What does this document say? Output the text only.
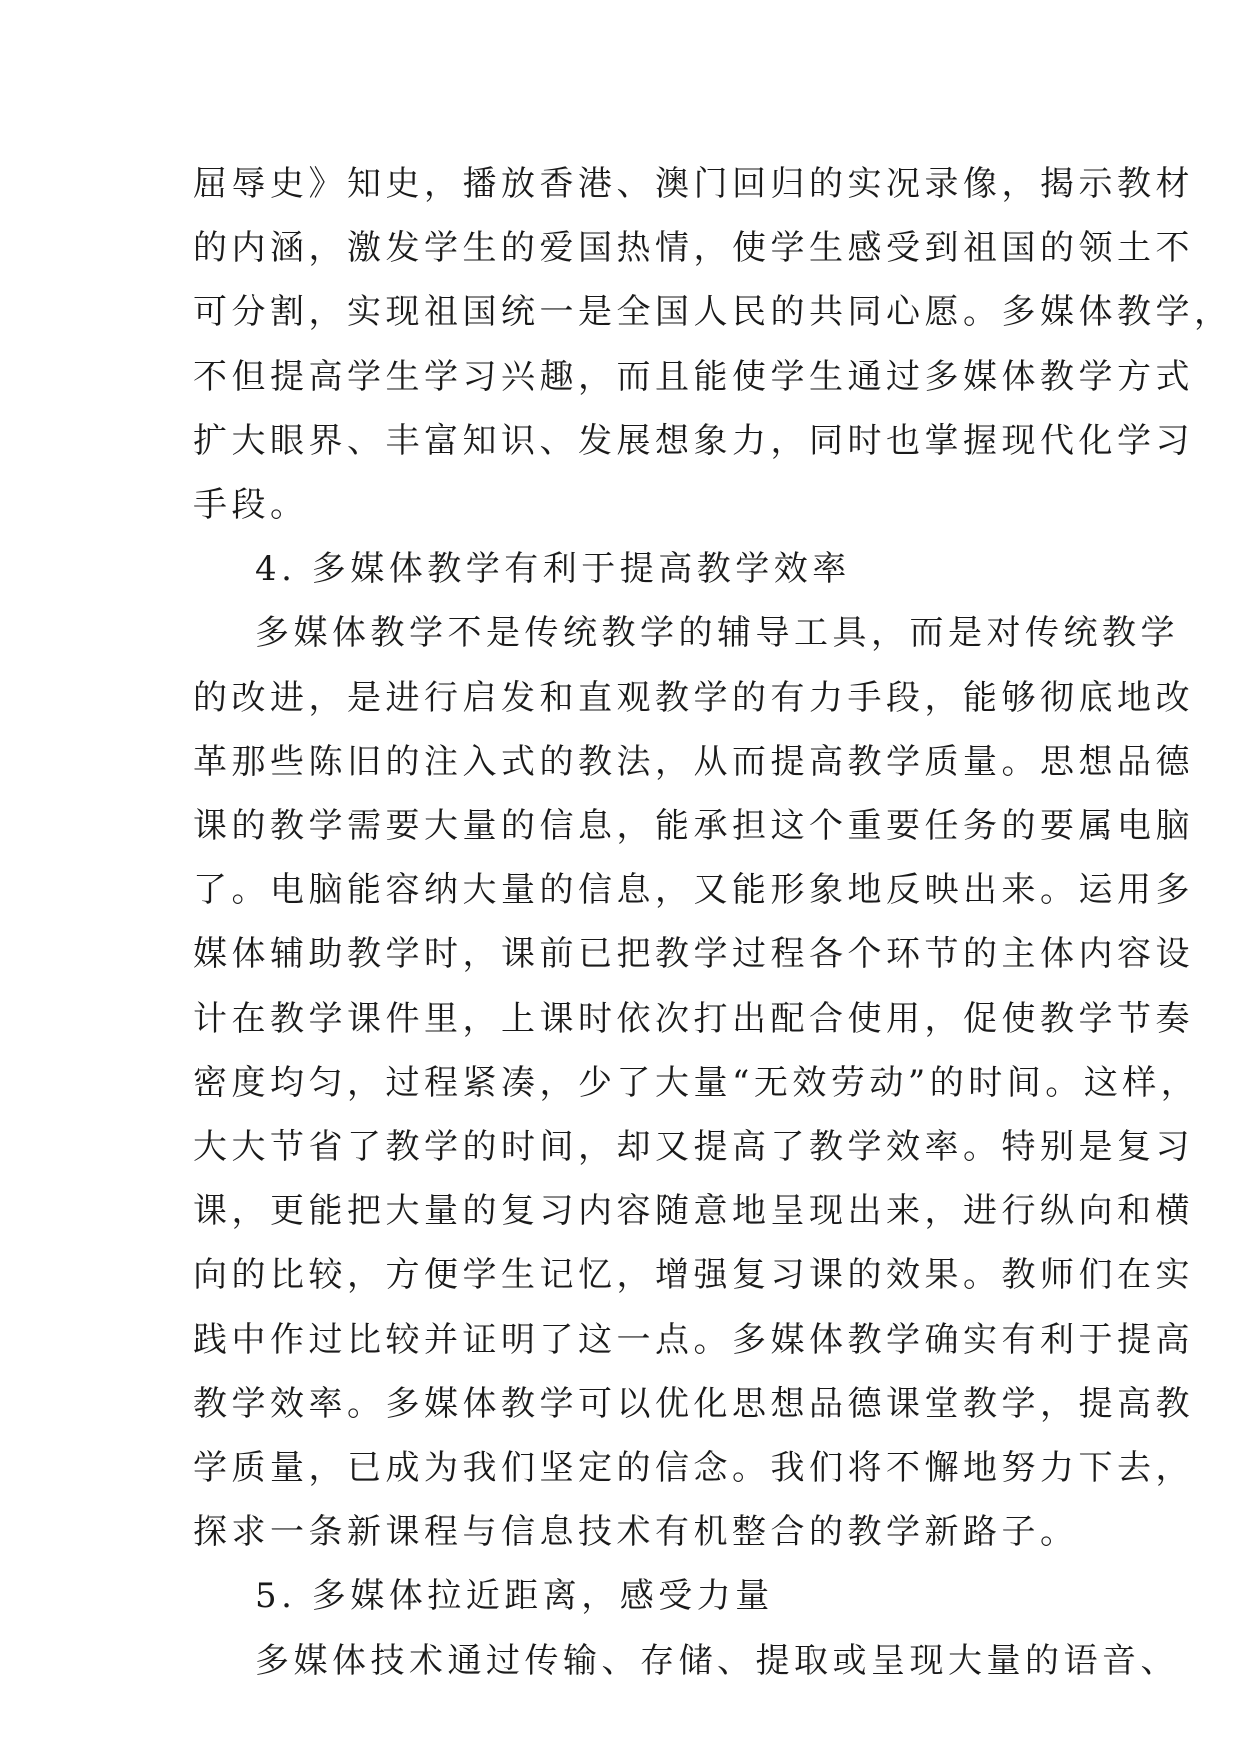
屈辱史》知史，播放香港、澳门回归的实况录像，揭示教材
的内涵，激发学生的爱国热情，使学生感受到祖国的领土不
可分割，实现祖国统一是全国人民的共同心愿。多媒体教学，
不但提高学生学习兴趣，而且能使学生通过多媒体教学方式
扩大眼界、丰富知识、发展想象力，同时也掌握现代化学习
手段。
4. 多媒体教学有利于提高教学效率
多媒体教学不是传统教学的辅导工具，而是对传统教学
的改进，是进行启发和直观教学的有力手段，能够彻底地改
革那些陈旧的注入式的教法，从而提高教学质量。思想品德
课的教学需要大量的信息，能承担这个重要任务的要属电脑
了。电脑能容纳大量的信息，又能形象地反映出来。运用多
媒体辅助教学时，课前已把教学过程各个环节的主体内容设
计在教学课件里，上课时依次打出配合使用，促使教学节奏
密度均匀，过程紧凑，少了大量“无效劳动”的时间。这样，
大大节省了教学的时间，却又提高了教学效率。特别是复习
课，更能把大量的复习内容随意地呈现出来，进行纵向和横
向的比较，方便学生记忆，增强复习课的效果。教师们在实
践中作过比较并证明了这一点。多媒体教学确实有利于提高
教学效率。多媒体教学可以优化思想品德课堂教学，提高教
学质量，已成为我们坚定的信念。我们将不懈地努力下去，
探求一条新课程与信息技术有机整合的教学新路子。
5. 多媒体拉近距离，感受力量
多媒体技术通过传输、存储、提取或呈现大量的语音、
